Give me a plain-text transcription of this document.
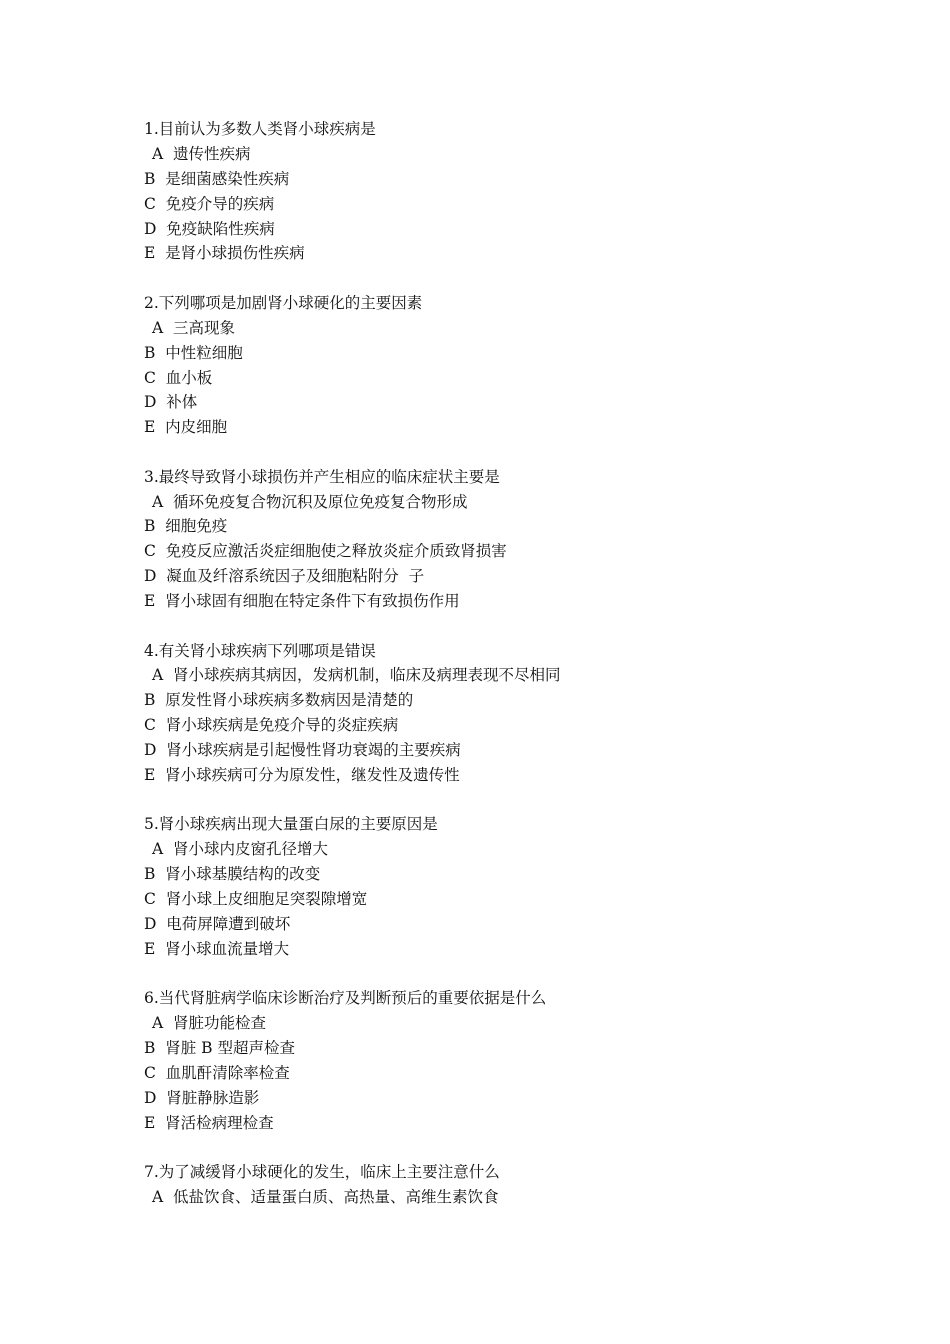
1.目前认为多数人类肾小球疾病是
A  遗传性疾病
B  是细菌感染性疾病
C  免疫介导的疾病
D  免疫缺陷性疾病
E  是肾小球损伤性疾病
2.下列哪项是加剧肾小球硬化的主要因素
A  三高现象
B  中性粒细胞
C  血小板
D  补体
E  内皮细胞
3.最终导致肾小球损伤并产生相应的临床症状主要是
A  循环免疫复合物沉积及原位免疫复合物形成
B  细胞免疫
C  免疫反应激活炎症细胞使之释放炎症介质致肾损害
D  凝血及纤溶系统因子及细胞粘附分  子
E  肾小球固有细胞在特定条件下有致损伤作用
4.有关肾小球疾病下列哪项是错误
A  肾小球疾病其病因，发病机制，临床及病理表现不尽相同
B  原发性肾小球疾病多数病因是清楚的
C  肾小球疾病是免疫介导的炎症疾病
D  肾小球疾病是引起慢性肾功衰竭的主要疾病
E  肾小球疾病可分为原发性，继发性及遗传性
5.肾小球疾病出现大量蛋白尿的主要原因是
A  肾小球内皮窗孔径增大
B  肾小球基膜结构的改变
C  肾小球上皮细胞足突裂隙增宽
D  电荷屏障遭到破坏
E  肾小球血流量增大
6.当代肾脏病学临床诊断治疗及判断预后的重要依据是什么
A  肾脏功能检查
B  肾脏 B 型超声检查
C  血肌酐清除率检查
D  肾脏静脉造影
E  肾活检病理检查
7.为了减缓肾小球硬化的发生，临床上主要注意什么
A  低盐饮食、适量蛋白质、高热量、高维生素饮食
